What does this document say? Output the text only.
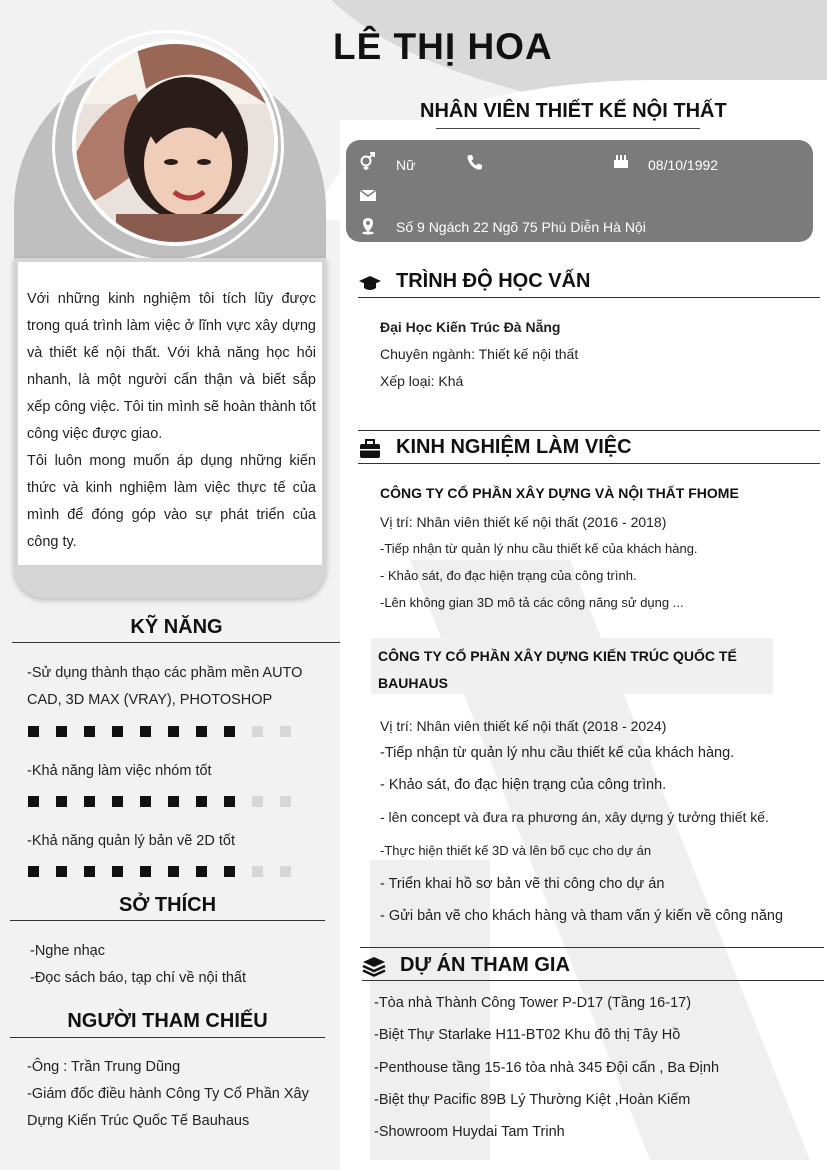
Với những kinh nghiệm tôi tích lũy được trong quá trình làm việc ở lĩnh vực xây dựng và thiết kế nội thất. Với khả năng học hỏi nhanh, là một người cẩn thận và biết sắp xếp công việc. Tôi tin mình sẽ hoàn thành tốt công việc được giao.

Tôi luôn mong muốn áp dụng những kiến thức và kinh nghiệm làm việc thực tế của mình để đóng góp vào sự phát triển của công ty.

KỸ NĂNG
-Sử dụng thành thạo các phầm mền AUTO CAD, 3D MAX (VRAY), PHOTOSHOP
-Khả năng làm việc nhóm tốt
-Khả năng quản lý bản vẽ 2D tốt
SỞ THÍCH
-Nghe nhạc
-Đọc sách báo, tạp chí về nội thất
NGƯỜI THAM CHIẾU
-Ông : Trần Trung Dũng
-Giám đốc điều hành Công Ty Cổ Phần Xây Dựng Kiến Trúc Quốc Tế Bauhaus
LÊ THỊ HOA
NHÂN VIÊN THIẾT KẾ NỘI THẤT
Nữ	08/10/1992
Số 9 Ngách 22 Ngõ 75 Phú Diễn Hà Nội
TRÌNH ĐỘ HỌC VẤN
Đại Học Kiến Trúc Đà Nẵng
Chuyên ngành: Thiết kế nội thất
Xếp loại: Khá
KINH NGHIỆM LÀM VIỆC
CÔNG TY CỔ PHẦN XÂY DỰNG VÀ NỘI THẤT FHOME
Vị trí: Nhân viên thiết kế nội thất (2016 - 2018)
-Tiếp nhận từ quản lý nhu cầu thiết kế của khách hàng.
- Khảo sát, đo đạc hiện trạng của công trình.
-Lên không gian 3D mô tả các công năng sử dụng ...
CÔNG TY CỔ PHẦN XÂY DỰNG KIẾN TRÚC QUỐC TẾ
BAUHAUS
Vị trí: Nhân viên thiết kế nội thất (2018 - 2024)
-Tiếp nhận từ quản lý nhu cầu thiết kế của khách hàng.
- Khảo sát, đo đạc hiện trạng của công trình.
- lên concept và đưa ra phương án, xây dựng ý tưởng thiết kế.
-Thực hiện thiết kế 3D và lên bố cục cho dự án
- Triển khai hồ sơ bản vẽ thi công cho dự án
- Gửi bản vẽ cho khách hàng và tham vấn ý kiến về công năng
DỰ ÁN THAM GIA
-Tòa nhà Thành Công Tower P-D17 (Tầng 16-17)
-Biệt Thự Starlake H11-BT02 Khu đô thị Tây Hồ
-Penthouse tầng 15-16 tòa nhà 345 Đội cấn , Ba Định
-Biệt thự Pacific 89B Lý Thường Kiệt ,Hoàn Kiếm
-Showroom Huydai Tam Trinh
